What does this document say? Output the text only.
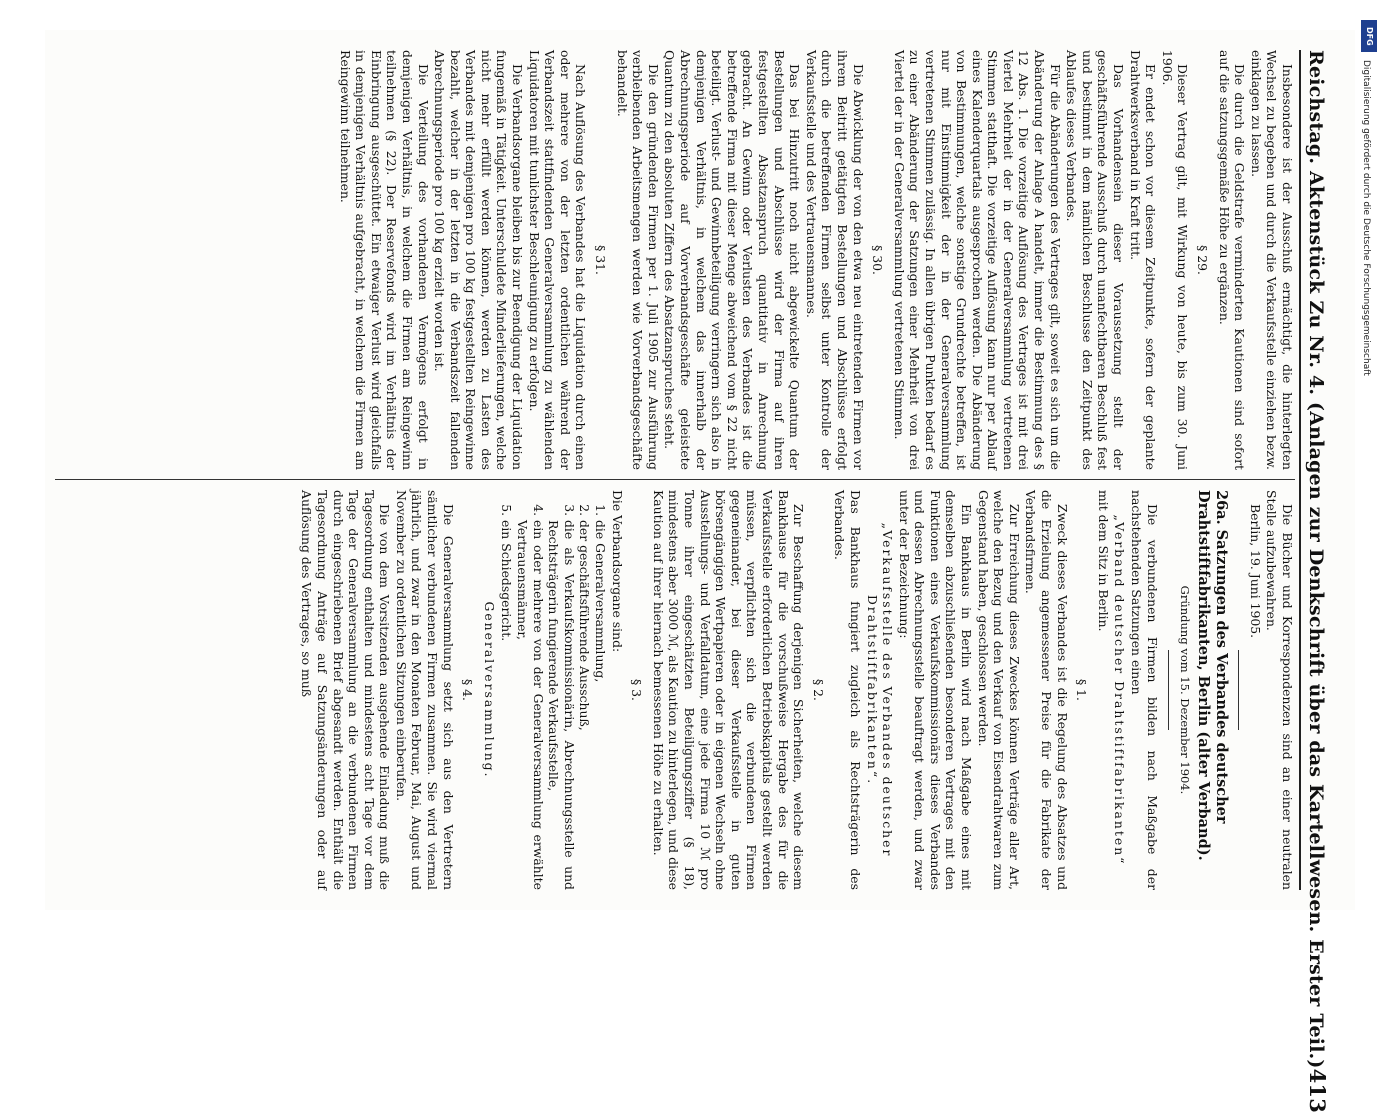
Reichstag. Aktenstück Zu Nr. 4. (Anlagen zur Denkschrift über das Kartellwesen. Erster Teil.)
413

Insbesondere ist der Ausschuß ermächtigt, die hinterlegten Wechsel zu begeben und durch die Verkaufsstelle einziehen bezw. einklagen zu lassen.

Die durch die Geldstrafe verminderten Kautionen sind sofort auf die satzungsgemäße Höhe zu ergänzen.

§ 29.

Dieser Vertrag gilt, mit Wirkung von heute, bis zum 30. Juni 1906.

Er endet schon vor diesem Zeitpunkte, sofern der geplante Drahtwerksverband in Kraft tritt.

Das Vorhandensein dieser Voraussetzung stellt der geschäftsführende Ausschuß durch unanfechtbaren Beschluß fest und bestimmt in dem nämlichen Beschlusse den Zeitpunkt des Ablaufes dieses Verbandes.

Für die Abänderungen des Vertrages gilt, soweit es sich um die Abänderung der Anlage A handelt, immer die Bestimmung des § 12 Abs. 1. Die vorzeitige Auflösung des Vertrages ist mit drei Viertel Mehrheit der in der Generalversammlung vertretenen Stimmen statthaft. Die vorzeitige Auflösung kann nur per Ablauf eines Kalenderquartals ausgesprochen werden. Die Abänderung von Bestimmungen, welche sonstige Grundrechte betreffen, ist nur mit Einstimmigkeit der in der Generalversammlung vertretenen Stimmen zulässig. In allen übrigen Punkten bedarf es zu einer Abänderung der Satzungen einer Mehrheit von drei Viertel der in der Generalversammlung vertretenen Stimmen.

§ 30.

Die Abwicklung der von den etwa neu eintretenden Firmen vor ihrem Beitritt getätigten Bestellungen und Abschlüsse erfolgt durch die betreffenden Firmen selbst unter Kontrolle der Verkaufsstelle und des Vertrauensmannes.

Das bei Hinzutritt noch nicht abgewickelte Quantum der Bestellungen und Abschlüsse wird der Firma auf ihren festgestellten Absatzanspruch quantitativ in Anrechnung gebracht. An Gewinn oder Verlusten des Verbandes ist die betreffende Firma mit dieser Menge abweichend vom § 22 nicht beteiligt. Verlust- und Gewinnbeteiligung verringern sich also in demjenigen Verhältnis, in welchem das innerhalb der Abrechnungsperiode auf Vorverbandsgeschäfte geleistete Quantum zu den absoluten Ziffern des Absatzanspruches steht.

Die den gründenden Firmen per 1. Juli 1905 zur Ausführung verbleibenden Arbeitsmengen werden wie Vorverbandsgeschäfte behandelt.

§ 31.

Nach Auflösung des Verbandes hat die Liquidation durch einen oder mehrere von der letzten ordentlichen während der Verbandszeit stattfindenden Generalversammlung zu wählenden Liquidatoren mit tunlichster Beschleunigung zu erfolgen.

Die Verbandsorgane bleiben bis zur Beendigung der Liquidation fungemäß in Tätigkeit. Unterschuldete Minderlieferungen, welche nicht mehr erfüllt werden können, werden zu Lasten des Verbandes mit demjenigen pro 100 kg festgestellten Reingewinne bezahlt, welcher in der letzten in die Verbandszeit fallenden Abrechnungsperiode pro 100 kg erzielt worden ist.

Die Verteilung des vorhandenen Vermögens erfolgt in demjenigen Verhältnis, in welchem die Firmen am Reingewinn teilnehmen (§ 22). Der Reservefonds wird im Verhältnis der Einbringung ausgeschüttet. Ein etwaiger Verlust wird gleichfalls in demjenigen Verhältnis aufgebracht, in welchem die Firmen am Reingewinn teilnehmen.

Die Bücher und Korrespondenzen sind an einer neutralen Stelle aufzubewahren.

Berlin, 19. Juni 1905.

26a. Satzungen des Verbandes deutscher Drahtstiftfabrikanten, Berlin (alter Verband).

Gründung vom 15. Dezember 1904.

Die verbundenen Firmen bilden nach Maßgabe der nachstehenden Satzungen einen

„Verband deutscher Drahtstiftfabrikanten“

mit dem Sitz in Berlin.

§ 1.

Zweck dieses Verbandes ist die Regelung des Absatzes und die Erzielung angemessener Preise für die Fabrikate der Verbandsfirmen.

Zur Erreichung dieses Zweckes können Verträge aller Art, welche den Bezug und den Verkauf von Eisendrahtwaren zum Gegenstand haben, geschlossen werden.

Ein Bankhaus in Berlin wird nach Maßgabe eines mit demselben abzuschließenden besonderen Vertrages mit den Funktionen eines Verkaufskommissionärs dieses Verbandes und dessen Abrechnungsstelle beauftragt werden, und zwar unter der Bezeichnung:

„Verkaufsstelle des Verbandes deutscher Drahtstiftfabrikanten“.

Das Bankhaus fungiert zugleich als Rechtsträgerin des Verbandes.

§ 2.

Zur Beschaffung derjenigen Sicherheiten, welche diesem Bankhause für die vorschußweise Hergabe des für die Verkaufsstelle erforderlichen Betriebskapitals gestellt werden müssen, verpflichten sich die verbundenen Firmen gegeneinander, bei dieser Verkaufsstelle in guten börsengängigen Wertpapieren oder in eigenen Wechseln ohne Ausstellungs- und Verfalldatum, eine jede Firma 10 ℳ pro Tonne ihrer eingeschätzten Beteiligungsziffer (§ 18), mindestens aber 3000 ℳ, als Kaution zu hinterlegen, und diese Kaution auf ihrer hiernach bemessenen Höhe zu erhalten.

§ 3.

Die Verbandsorgane sind:

1. die Generalversammlung,
2. der geschäftsführende Ausschuß,
3. die als Verkaufskommissionärin, Abrechnungsstelle und Rechtsträgerin fungierende Verkaufsstelle,
4. ein oder mehrere von der Generalversammlung erwählte Vertrauensmänner,
5. ein Schiedsgericht.

Generalversammlung.

§ 4.

Die Generalversammlung setzt sich aus den Vertretern sämtlicher verbundenen Firmen zusammen. Sie wird viermal jährlich, und zwar in den Monaten Februar, Mai, August und November zu ordentlichen Sitzungen einberufen.

Die von dem Vorsitzenden ausgehende Einladung muß die Tagesordnung enthalten und mindestens acht Tage vor dem Tage der Generalversammlung an die verbundenen Firmen durch eingeschriebenen Brief abgesandt werden. Enthält die Tagesordnung Anträge auf Satzungsänderungen oder auf Auflösung des Vertrages, so muß

DFG
Digitalisierung gefördert durch die Deutsche Forschungsgemeinschaft
